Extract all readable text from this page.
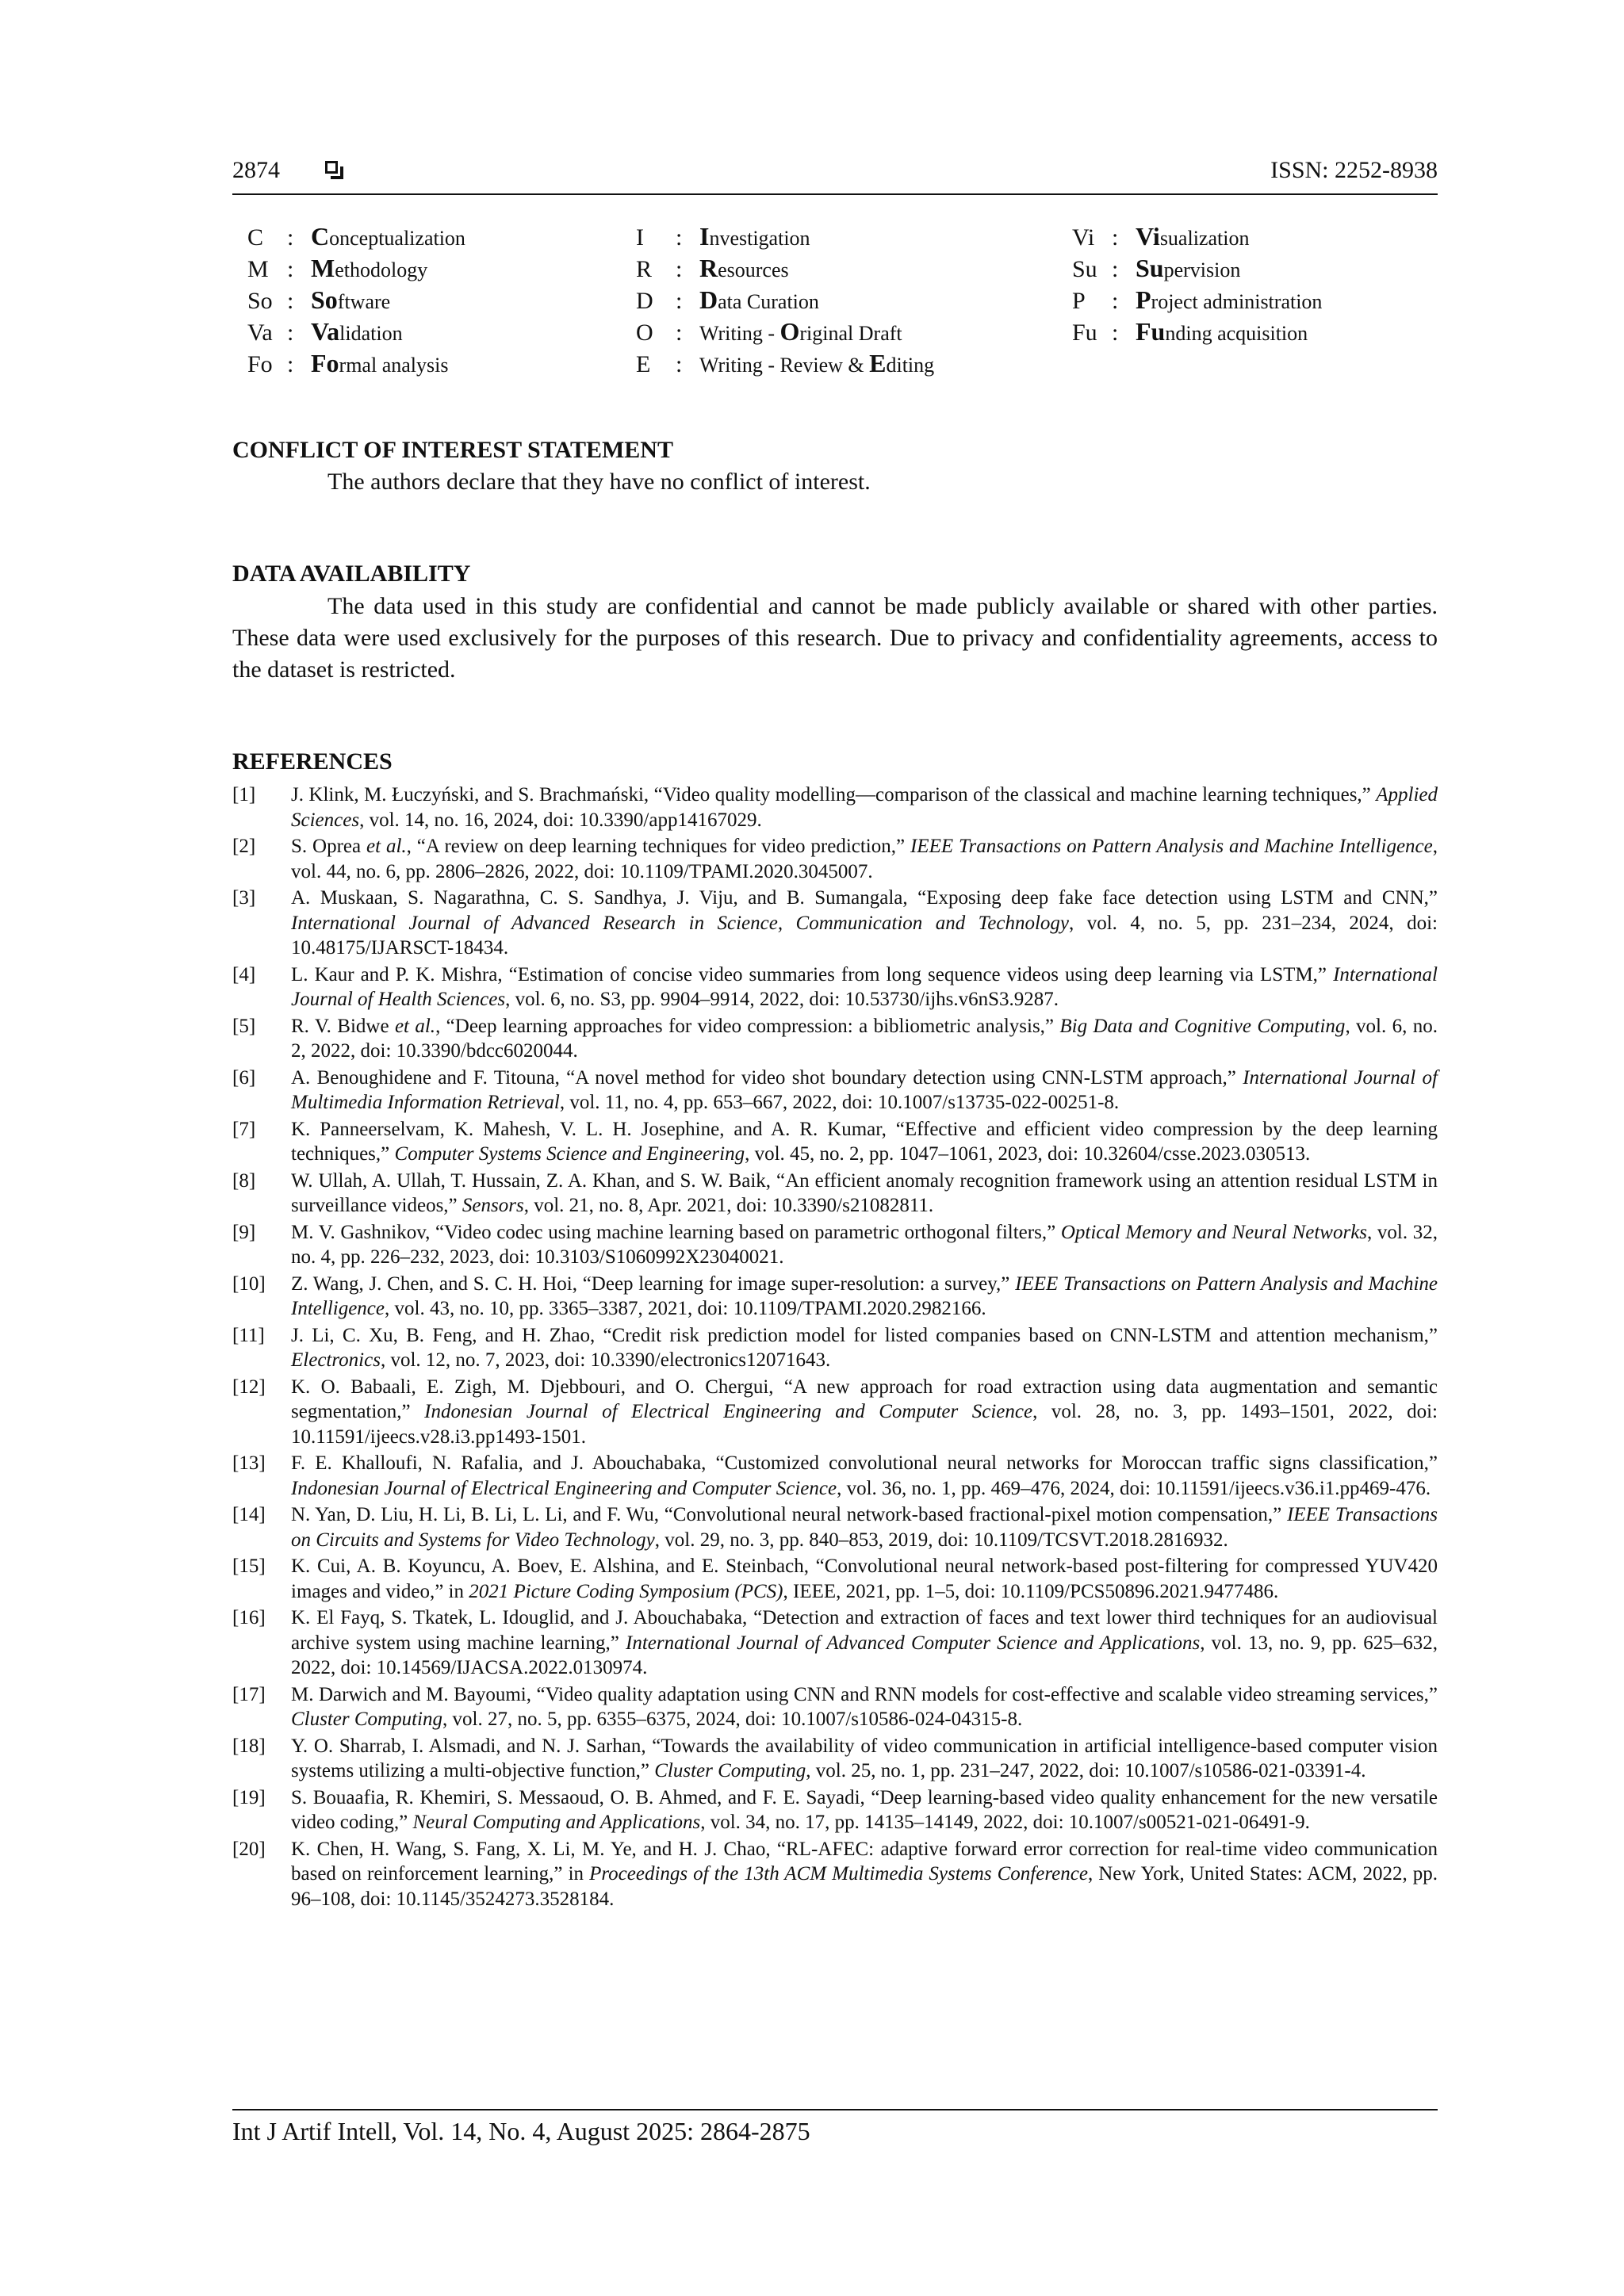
2874	ISSN: 2252-8938
C : Conceptualization
M : Methodology
So : Software
Va : Validation
Fo : Formal analysis
I : Investigation
R : Resources
D : Data Curation
O : Writing - Original Draft
E : Writing - Review & Editing
Vi : Visualization
Su : Supervision
P : Project administration
Fu : Funding acquisition
CONFLICT OF INTEREST STATEMENT
The authors declare that they have no conflict of interest.
DATA AVAILABILITY
The data used in this study are confidential and cannot be made publicly available or shared with other parties. These data were used exclusively for the purposes of this research. Due to privacy and confidentiality agreements, access to the dataset is restricted.
REFERENCES
[1] J. Klink, M. Łuczyński, and S. Brachmański, “Video quality modelling—comparison of the classical and machine learning techniques,” Applied Sciences, vol. 14, no. 16, 2024, doi: 10.3390/app14167029.
[2] S. Oprea et al., “A review on deep learning techniques for video prediction,” IEEE Transactions on Pattern Analysis and Machine Intelligence, vol. 44, no. 6, pp. 2806–2826, 2022, doi: 10.1109/TPAMI.2020.3045007.
[3] A. Muskaan, S. Nagarathna, C. S. Sandhya, J. Viju, and B. Sumangala, “Exposing deep fake face detection using LSTM and CNN,” International Journal of Advanced Research in Science, Communication and Technology, vol. 4, no. 5, pp. 231–234, 2024, doi: 10.48175/IJARSCT-18434.
[4] L. Kaur and P. K. Mishra, “Estimation of concise video summaries from long sequence videos using deep learning via LSTM,” International Journal of Health Sciences, vol. 6, no. S3, pp. 9904–9914, 2022, doi: 10.53730/ijhs.v6nS3.9287.
[5] R. V. Bidwe et al., “Deep learning approaches for video compression: a bibliometric analysis,” Big Data and Cognitive Computing, vol. 6, no. 2, 2022, doi: 10.3390/bdcc6020044.
[6] A. Benoughidene and F. Titouna, “A novel method for video shot boundary detection using CNN-LSTM approach,” International Journal of Multimedia Information Retrieval, vol. 11, no. 4, pp. 653–667, 2022, doi: 10.1007/s13735-022-00251-8.
[7] K. Panneerselvam, K. Mahesh, V. L. H. Josephine, and A. R. Kumar, “Effective and efficient video compression by the deep learning techniques,” Computer Systems Science and Engineering, vol. 45, no. 2, pp. 1047–1061, 2023, doi: 10.32604/csse.2023.030513.
[8] W. Ullah, A. Ullah, T. Hussain, Z. A. Khan, and S. W. Baik, “An efficient anomaly recognition framework using an attention residual LSTM in surveillance videos,” Sensors, vol. 21, no. 8, Apr. 2021, doi: 10.3390/s21082811.
[9] M. V. Gashnikov, “Video codec using machine learning based on parametric orthogonal filters,” Optical Memory and Neural Networks, vol. 32, no. 4, pp. 226–232, 2023, doi: 10.3103/S1060992X23040021.
[10] Z. Wang, J. Chen, and S. C. H. Hoi, “Deep learning for image super-resolution: a survey,” IEEE Transactions on Pattern Analysis and Machine Intelligence, vol. 43, no. 10, pp. 3365–3387, 2021, doi: 10.1109/TPAMI.2020.2982166.
[11] J. Li, C. Xu, B. Feng, and H. Zhao, “Credit risk prediction model for listed companies based on CNN-LSTM and attention mechanism,” Electronics, vol. 12, no. 7, 2023, doi: 10.3390/electronics12071643.
[12] K. O. Babaali, E. Zigh, M. Djebbouri, and O. Chergui, “A new approach for road extraction using data augmentation and semantic segmentation,” Indonesian Journal of Electrical Engineering and Computer Science, vol. 28, no. 3, pp. 1493–1501, 2022, doi: 10.11591/ijeecs.v28.i3.pp1493-1501.
[13] F. E. Khalloufi, N. Rafalia, and J. Abouchabaka, “Customized convolutional neural networks for Moroccan traffic signs classification,” Indonesian Journal of Electrical Engineering and Computer Science, vol. 36, no. 1, pp. 469–476, 2024, doi: 10.11591/ijeecs.v36.i1.pp469-476.
[14] N. Yan, D. Liu, H. Li, B. Li, L. Li, and F. Wu, “Convolutional neural network-based fractional-pixel motion compensation,” IEEE Transactions on Circuits and Systems for Video Technology, vol. 29, no. 3, pp. 840–853, 2019, doi: 10.1109/TCSVT.2018.2816932.
[15] K. Cui, A. B. Koyuncu, A. Boev, E. Alshina, and E. Steinbach, “Convolutional neural network-based post-filtering for compressed YUV420 images and video,” in 2021 Picture Coding Symposium (PCS), IEEE, 2021, pp. 1–5, doi: 10.1109/PCS50896.2021.9477486.
[16] K. El Fayq, S. Tkatek, L. Idouglid, and J. Abouchabaka, “Detection and extraction of faces and text lower third techniques for an audiovisual archive system using machine learning,” International Journal of Advanced Computer Science and Applications, vol. 13, no. 9, pp. 625–632, 2022, doi: 10.14569/IJACSA.2022.0130974.
[17] M. Darwich and M. Bayoumi, “Video quality adaptation using CNN and RNN models for cost-effective and scalable video streaming services,” Cluster Computing, vol. 27, no. 5, pp. 6355–6375, 2024, doi: 10.1007/s10586-024-04315-8.
[18] Y. O. Sharrab, I. Alsmadi, and N. J. Sarhan, “Towards the availability of video communication in artificial intelligence-based computer vision systems utilizing a multi-objective function,” Cluster Computing, vol. 25, no. 1, pp. 231–247, 2022, doi: 10.1007/s10586-021-03391-4.
[19] S. Bouaafia, R. Khemiri, S. Messaoud, O. B. Ahmed, and F. E. Sayadi, “Deep learning-based video quality enhancement for the new versatile video coding,” Neural Computing and Applications, vol. 34, no. 17, pp. 14135–14149, 2022, doi: 10.1007/s00521-021-06491-9.
[20] K. Chen, H. Wang, S. Fang, X. Li, M. Ye, and H. J. Chao, “RL-AFEC: adaptive forward error correction for real-time video communication based on reinforcement learning,” in Proceedings of the 13th ACM Multimedia Systems Conference, New York, United States: ACM, 2022, pp. 96–108, doi: 10.1145/3524273.3528184.
Int J Artif Intell, Vol. 14, No. 4, August 2025: 2864-2875
